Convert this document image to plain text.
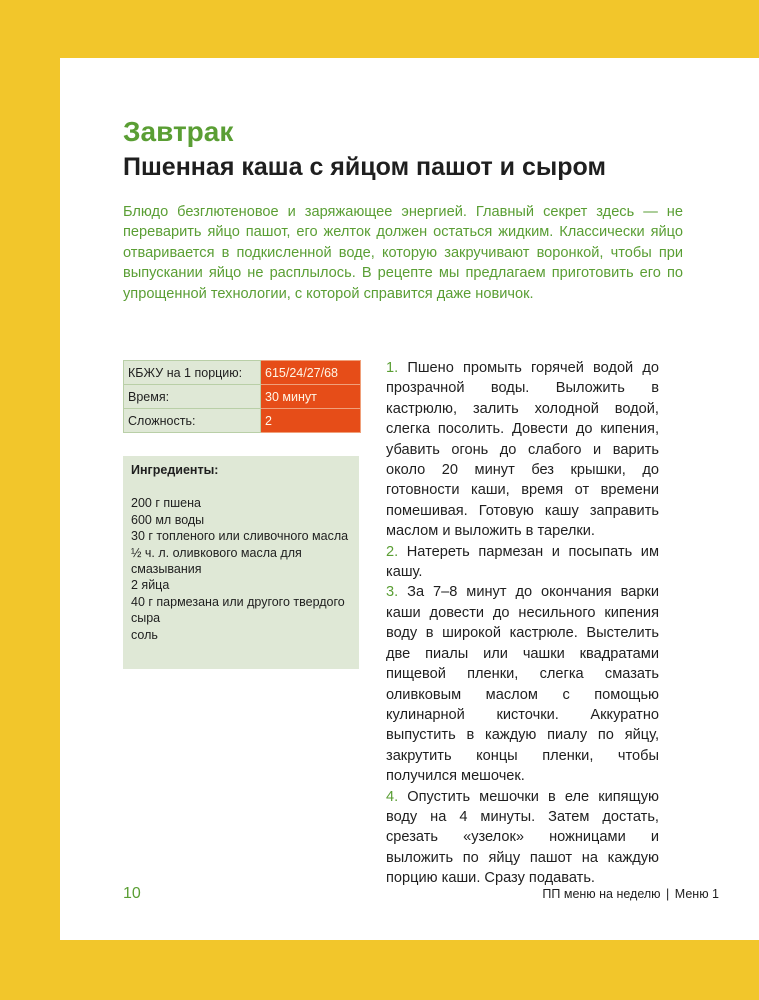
Завтрак
Пшенная каша с яйцом пашот и сыром

Блюдо безглютеновое и заряжающее энергией. Главный секрет здесь — не переварить яйцо пашот, его желток должен остаться жидким. Классически яйцо отваривается в подкисленной воде, которую закручивают воронкой, чтобы при выпускании яйцо не расплылось. В рецепте мы предлагаем приготовить его по упрощенной технологии, с которой справится даже новичок.

КБЖУ на 1 порцию:	615/24/27/68
Время:	30 минут
Сложность:	2

Ингредиенты:

200 г пшена
600 мл воды
30 г топленого или сливочного масла
½ ч. л. оливкового масла для смазывания
2 яйца
40 г пармезана или другого твердого сыра
соль
1. Пшено промыть горячей водой до прозрачной воды. Выложить в кастрюлю, залить холодной водой, слегка посолить. Довести до кипения, убавить огонь до слабого и варить около 20 минут без крышки, до готовности каши, время от времени помешивая. Готовую кашу заправить маслом и выложить в тарелки.
2. Натереть пармезан и посыпать им кашу.
3. За 7–8 минут до окончания варки каши довести до несильного кипения воду в широкой кастрюле. Выстелить две пиалы или чашки квадратами пищевой пленки, слегка смазать оливковым маслом с помощью кулинарной кисточки. Аккуратно выпустить в каждую пиалу по яйцу, закрутить концы пленки, чтобы получился мешочек.
4. Опустить мешочки в еле кипящую воду на 4 минуты. Затем достать, срезать «узелок» ножницами и выложить по яйцу пашот на каждую порцию каши. Сразу подавать.
10	ПП меню на неделю | Меню 1
